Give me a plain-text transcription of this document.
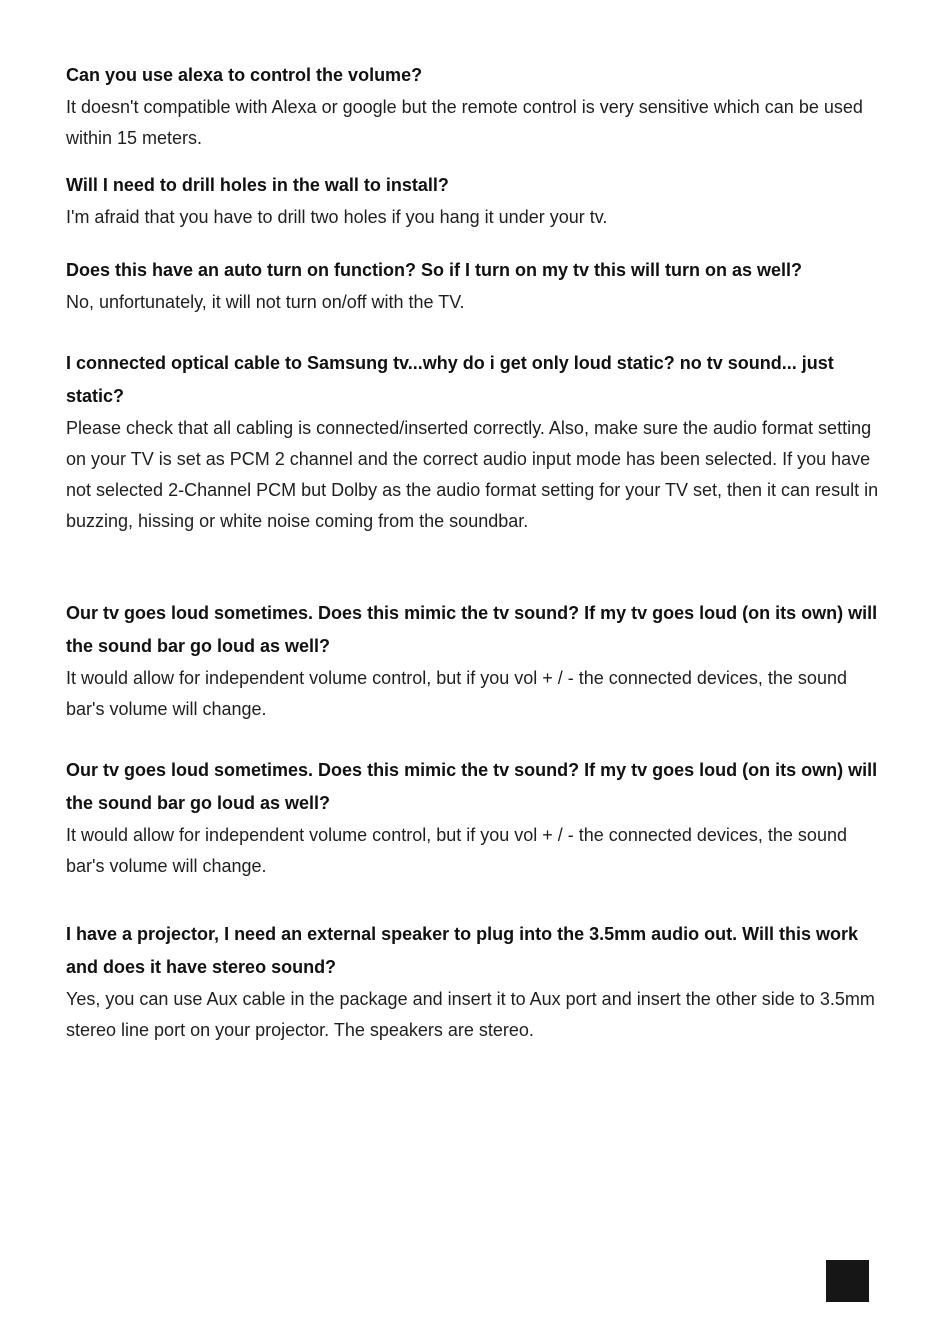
Can you use alexa to control the volume?

It doesn't compatible with Alexa or google but the remote control is very sensitive which can be used within 15 meters.

Will I need to drill holes in the wall to install?

I'm afraid that you have to drill two holes if you hang it under your tv.

Does this have an auto turn on function? So if I turn on my tv this will turn on as well?

No, unfortunately, it will not turn on/off with the TV.

I connected optical cable to Samsung tv...why do i get only loud static? no tv sound... just static?

Please check that all cabling is connected/inserted correctly. Also, make sure the audio format setting on your TV is set as PCM 2 channel and the correct audio input mode has been selected. If you have not selected 2-Channel PCM but Dolby as the audio format setting for your TV set, then it can result in buzzing, hissing or white noise coming from the soundbar.

Our tv goes loud sometimes. Does this mimic the tv sound? If my tv goes loud (on its own) will the sound bar go loud as well?

It would allow for independent volume control, but if you vol + / - the connected devices, the sound bar's volume will change.

Our tv goes loud sometimes. Does this mimic the tv sound? If my tv goes loud (on its own) will the sound bar go loud as well?

It would allow for independent volume control, but if you vol + / - the connected devices, the sound bar's volume will change.

I have a projector, I need an external speaker to plug into the 3.5mm audio out. Will this work and does it have stereo sound?

Yes, you can use Aux cable in the package and insert it to Aux port and insert the other side to 3.5mm stereo line port on your projector. The speakers are stereo.
